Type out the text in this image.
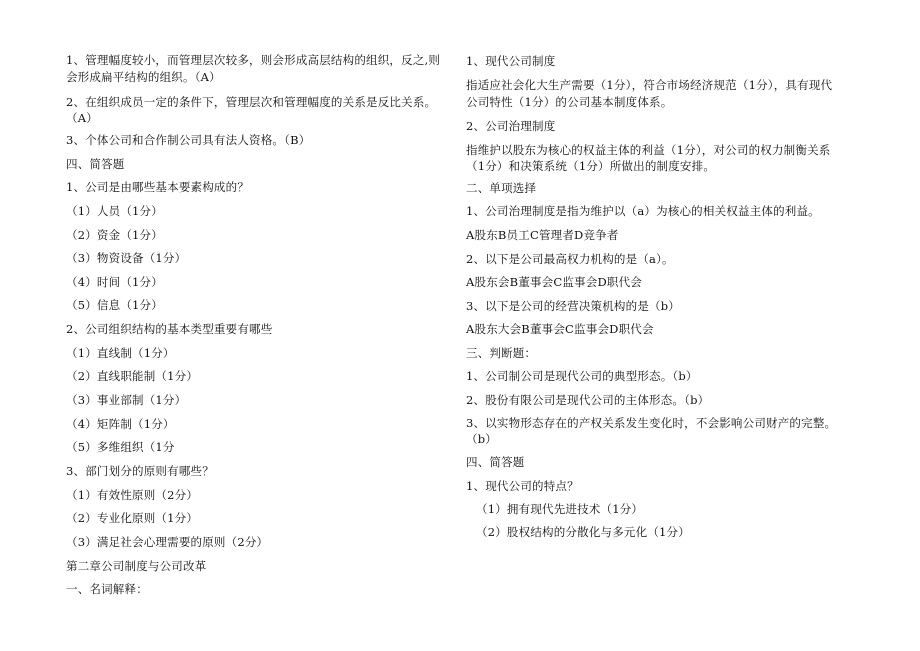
1、管理幅度较小，而管理层次较多，则会形成高层结构的组织，反之,则
会形成扁平结构的组织。（A）
2、在组织成员一定的条件下，管理层次和管理幅度的关系是反比关系。
（A）
3、个体公司和合作制公司具有法人资格。（B）
四、简答题
1、公司是由哪些基本要素构成的？
（1）人员（1分）
（2）资金（1分）
（3）物资设备（1分）
（4）时间（1分）
（5）信息（1分）
2、公司组织结构的基本类型重要有哪些
（1）直线制（1分）
（2）直线职能制（1分）
（3）事业部制（1分）
（4）矩阵制（1分）
（5）多维组织（1分
3、部门划分的原则有哪些？
（1）有效性原则（2分）
（2）专业化原则（1分）
（3）满足社会心理需要的原则（2分）
第二章公司制度与公司改革
一、名词解释：
1、现代公司制度
指适应社会化大生产需要（1分），符合市场经济规范（1分），具有现代
公司特性（1分）的公司基本制度体系。
2、公司治理制度
指维护以股东为核心的权益主体的利益（1分），对公司的权力制衡关系
（1分）和决策系统（1分）所做出的制度安排。
二、单项选择
1、公司治理制度是指为维护以（a）为核心的相关权益主体的利益。
A股东B员工C管理者D竞争者
2、以下是公司最高权力机构的是（a）。
A股东会B董事会C监事会D职代会
3、以下是公司的经营决策机构的是（b）
A股东大会B董事会C监事会D职代会
三、判断题：
1、公司制公司是现代公司的典型形态。（b）
2、股份有限公司是现代公司的主体形态。（b）
3、以实物形态存在的产权关系发生变化时，不会影响公司财产的完整。
（b）
四、简答题
1、现代公司的特点？
（1）拥有现代先进技术（1分）
（2）股权结构的分散化与多元化（1分）
